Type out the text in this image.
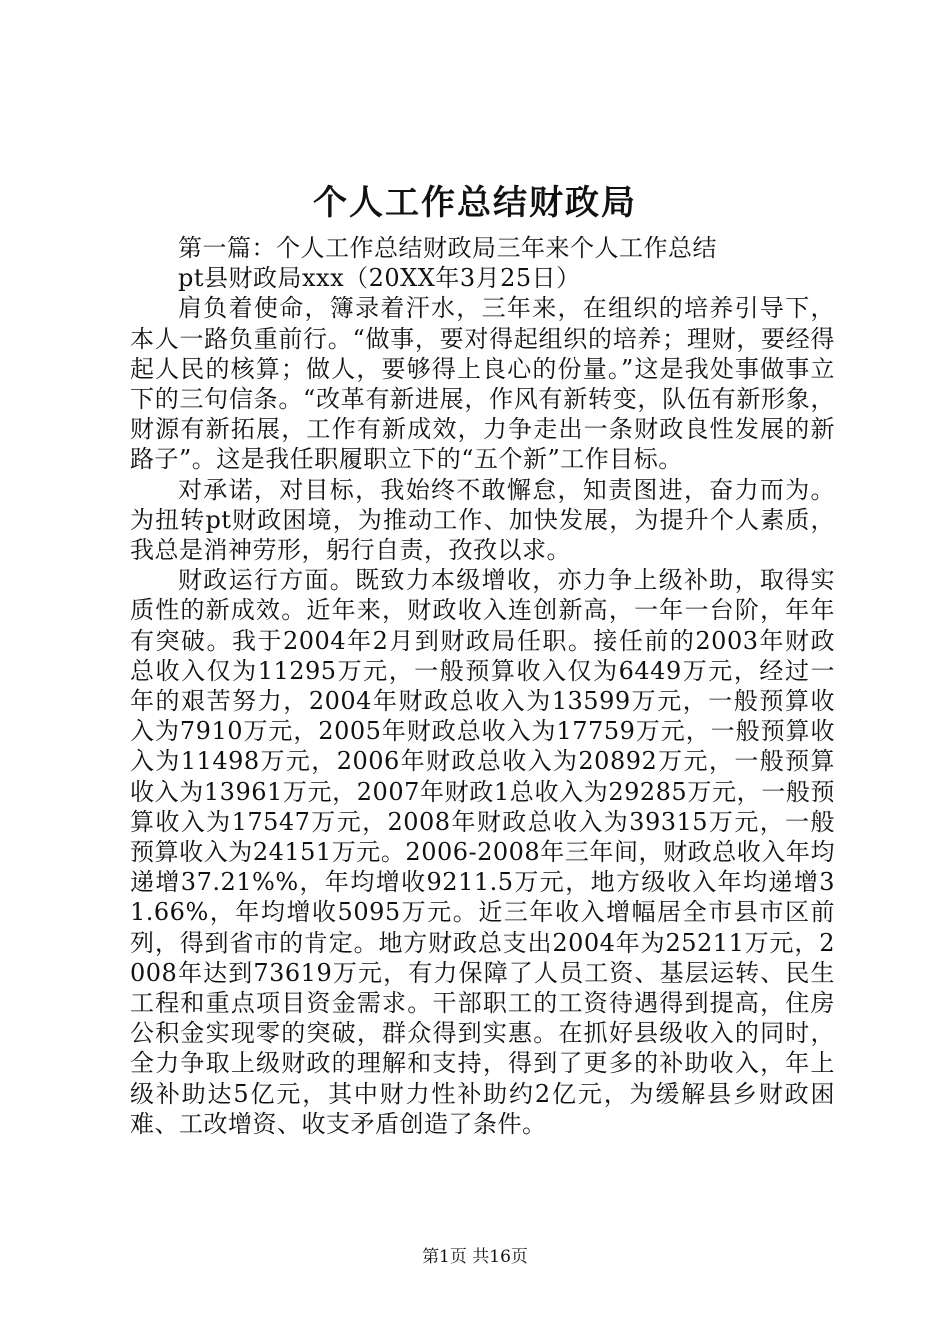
个人工作总结财政局

第一篇：个人工作总结财政局三年来个人工作总结

pt县财政局xxx（20XX年3月25日）

肩负着使命，簿录着汗水，三年来，在组织的培养引导下，本人一路负重前行。“做事，要对得起组织的培养；理财，要经得起人民的核算；做人，要够得上良心的份量。”这是我处事做事立下的三句信条。“改革有新进展，作风有新转变，队伍有新形象，财源有新拓展，工作有新成效，力争走出一条财政良性发展的新路子”。这是我任职履职立下的“五个新”工作目标。

对承诺，对目标，我始终不敢懈怠，知责图进，奋力而为。为扭转pt财政困境，为推动工作、加快发展，为提升个人素质，我总是消神劳形，躬行自责，孜孜以求。

财政运行方面。既致力本级增收，亦力争上级补助，取得实质性的新成效。近年来，财政收入连创新高，一年一台阶，年年有突破。我于2004年2月到财政局任职。接任前的2003年财政总收入仅为11295万元，一般预算收入仅为6449万元，经过一年的艰苦努力，2004年财政总收入为13599万元，一般预算收入为7910万元，2005年财政总收入为17759万元，一般预算收入为11498万元，2006年财政总收入为20892万元，一般预算收入为13961万元，2007年财政1总收入为29285万元，一般预算收入为17547万元，2008年财政总收入为39315万元，一般预算收入为24151万元。2006-2008年三年间，财政总收入年均递增37.21%%，年均增收9211.5万元，地方级收入年均递增31.66%，年均增收5095万元。近三年收入增幅居全市县市区前列，得到省市的肯定。地方财政总支出2004年为25211万元，2008年达到73619万元，有力保障了人员工资、基层运转、民生工程和重点项目资金需求。干部职工的工资待遇得到提高，住房公积金实现零的突破，群众得到实惠。在抓好县级收入的同时，全力争取上级财政的理解和支持，得到了更多的补助收入，年上级补助达5亿元，其中财力性补助约2亿元，为缓解县乡财政困难、工改增资、收支矛盾创造了条件。

第1页 共16页
